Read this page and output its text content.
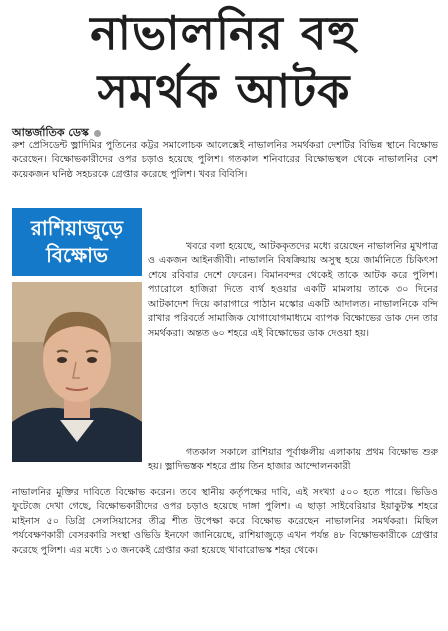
নাভালনির বহু
সমর্থক আটক
আন্তর্জাতিক ডেস্ক

রুশ প্রেসিডেন্ট ভ্লাদিমির পুতিনের কট্টর সমালোচক আলেক্সেই নাভালনির সমর্থকরা দেশটির বিভিন্ন স্থানে বিক্ষোভ করেছেন। বিক্ষোভকারীদের ওপর চড়াও হয়েছে পুলিশ। গতকাল শনিবারের বিক্ষোভস্থল থেকে নাভালনির বেশ কয়েকজন ঘনিষ্ঠ সহচরকে গ্রেপ্তার করেছে পুলিশ। খবর বিবিসি।

রাশিয়াজুড়ে
বিক্ষোভ	খবরে বলা হয়েছে, আটককৃতদের মধ্যে রয়েছেন নাভালনির মুখপাত্র ও একজন আইনজীবী। নাভালনি বিষক্রিয়ায় অসুস্থ হয়ে জার্মানিতে চিকিৎসা শেষে রবিবার দেশে ফেরেন। বিমানবন্দর থেকেই তাকে আটক করে পুলিশ। প্যারোলে হাজিরা দিতে ব্যর্থ হওয়ার একটি মামলায় তাকে ৩০ দিনের আটকাদেশ দিয়ে কারাগারে পাঠান মস্কোর একটি আদালত। নাভালনিকে বন্দি রাখার পরিবর্তে সামাজিক যোগাযোগমাধ্যমে ব্যাপক বিক্ষোভের ডাক দেন তার সমর্থকরা। অন্তত ৬০ শহরে এই বিক্ষোভের ডাক দেওয়া হয়।

গতকাল সকালে রাশিয়ার পূর্বাঞ্চলীয় এলাকায় প্রথম বিক্ষোভ শুরু হয়। ভ্লাদিভস্তক শহরে প্রায় তিন হাজার আন্দোলনকারী

নাভালনির মুক্তির দাবিতে বিক্ষোভ করেন। তবে স্থানীয় কর্তৃপক্ষের দাবি, এই সংখ্যা ৫০০ হতে পারে। ভিডিও ফুটেজে দেখা গেছে, বিক্ষোভকারীদের ওপর চড়াও হয়েছে দাঙ্গা পুলিশ। এ ছাড়া সাইবেরিয়ার ইয়াকুটস্ক শহরে মাইনাস ৫০ ডিগ্রি সেলসিয়াসের তীব্র শীত উপেক্ষা করে বিক্ষোভ করেছেন নাভালনির সমর্থকরা। মিছিল পর্যবেক্ষণকারী বেসরকারি সংস্থা ওভিডি ইনফো জানিয়েছে, রাশিয়াজুড়ে এখন পর্যন্ত ৪৮ বিক্ষোভকারীকে গ্রেপ্তার করেছে পুলিশ। এর মধ্যে ১৩ জনকেই গ্রেপ্তার করা হয়েছে খাবারোভস্ক শহর থেকে।
